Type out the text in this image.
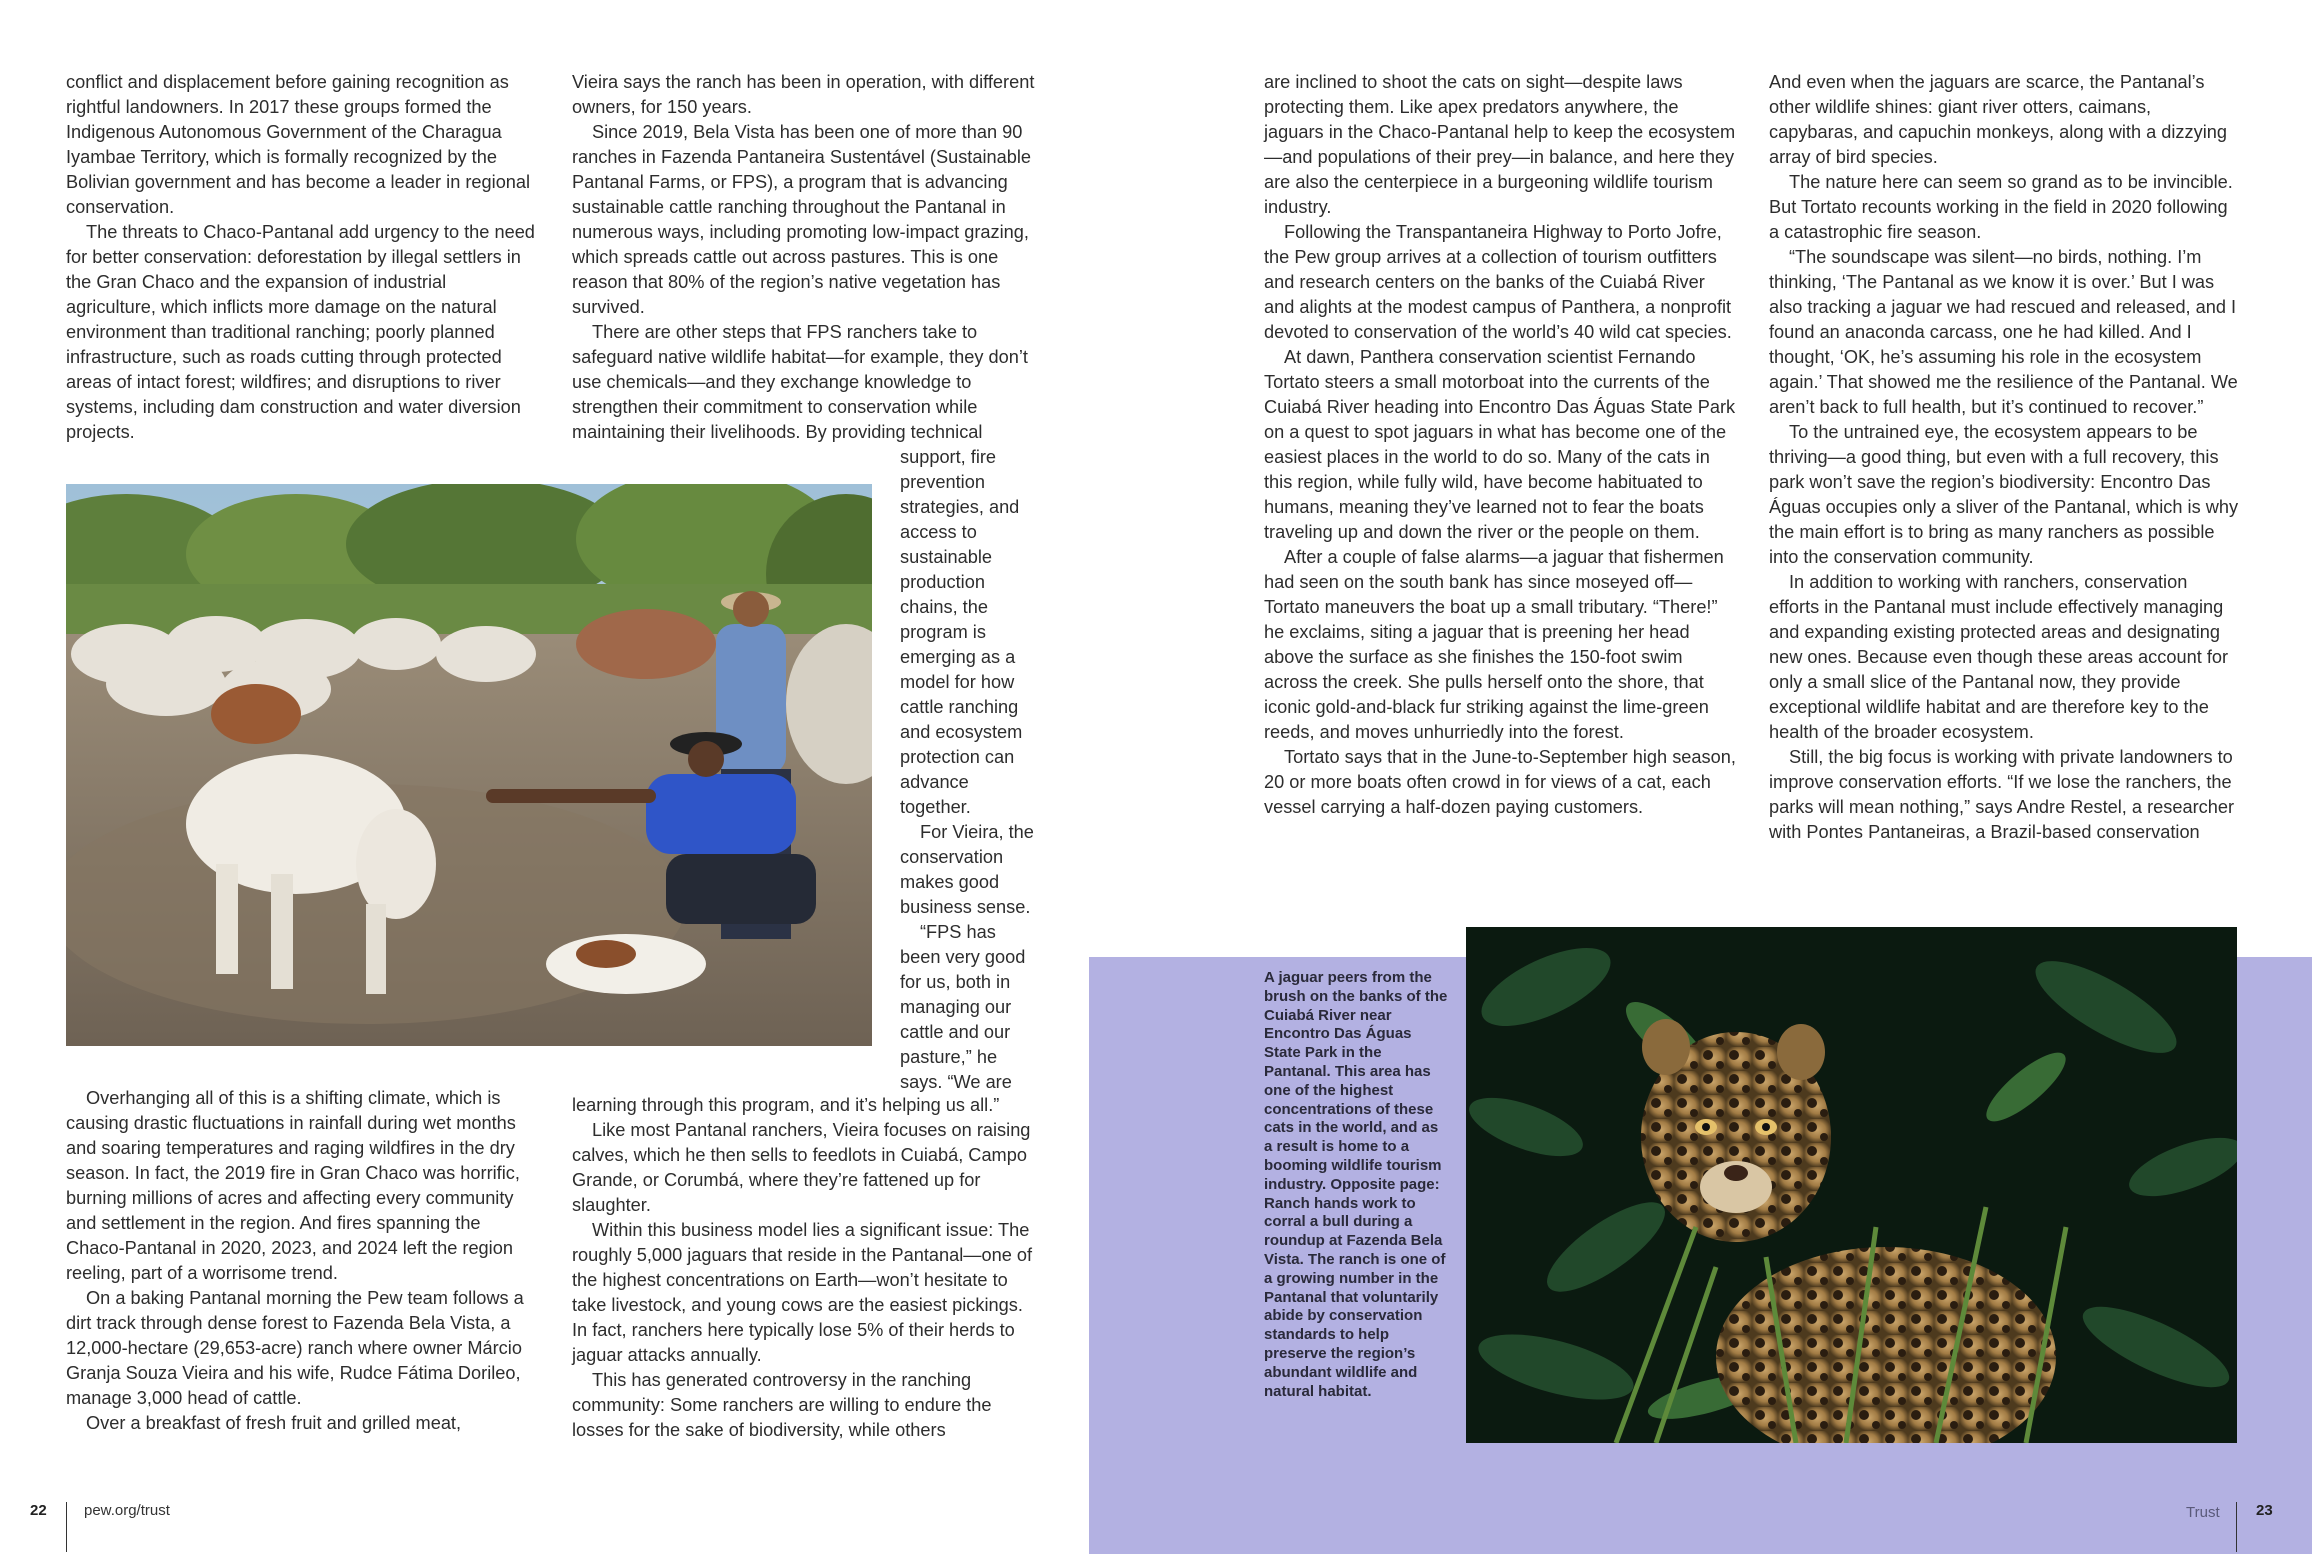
conflict and displacement before gaining recognition as rightful landowners. In 2017 these groups formed the Indigenous Autonomous Government of the Charagua Iyambae Territory, which is formally recognized by the Bolivian government and has become a leader in regional conservation.

The threats to Chaco-Pantanal add urgency to the need for better conservation: deforestation by illegal settlers in the Gran Chaco and the expansion of industrial agriculture, which inflicts more damage on the natural environment than traditional ranching; poorly planned infrastructure, such as roads cutting through protected areas of intact forest; wildfires; and disruptions to river systems, including dam construction and water diversion projects.

Overhanging all of this is a shifting climate, which is causing drastic fluctuations in rainfall during wet months and soaring temperatures and raging wildfires in the dry season. In fact, the 2019 fire in Gran Chaco was horrific, burning millions of acres and affecting every community and settlement in the region. And fires spanning the Chaco-Pantanal in 2020, 2023, and 2024 left the region reeling, part of a worrisome trend.

On a baking Pantanal morning the Pew team follows a dirt track through dense forest to Fazenda Bela Vista, a 12,000-hectare (29,653-acre) ranch where owner Márcio Granja Souza Vieira and his wife, Rudce Fátima Dorileo, manage 3,000 head of cattle.

Over a breakfast of fresh fruit and grilled meat,

Vieira says the ranch has been in operation, with different owners, for 150 years.

Since 2019, Bela Vista has been one of more than 90 ranches in Fazenda Pantaneira Sustentável (Sustainable Pantanal Farms, or FPS), a program that is advancing sustainable cattle ranching throughout the Pantanal in numerous ways, including promoting low-impact grazing, which spreads cattle out across pastures. This is one reason that 80% of the region’s native vegetation has survived.

There are other steps that FPS ranchers take to safeguard native wildlife habitat—for example, they don’t use chemicals—and they exchange knowledge to strengthen their commitment to conservation while maintaining their livelihoods. By providing technical

support, fire prevention strategies, and access to sustainable production chains, the program is emerging as a model for how cattle ranching and ecosystem protection can advance together.

For Vieira, the conservation makes good business sense.

“FPS has been very good for us, both in managing our cattle and our pasture,” he says. “We are

learning through this program, and it’s helping us all.”

Like most Pantanal ranchers, Vieira focuses on raising calves, which he then sells to feedlots in Cuiabá, Campo Grande, or Corumbá, where they’re fattened up for slaughter.

Within this business model lies a significant issue: The roughly 5,000 jaguars that reside in the Pantanal—one of the highest concentrations on Earth—won’t hesitate to take livestock, and young cows are the easiest pickings. In fact, ranchers here typically lose 5% of their herds to jaguar attacks annually.

This has generated controversy in the ranching community: Some ranchers are willing to endure the losses for the sake of biodiversity, while others

22 pew.org/trust

are inclined to shoot the cats on sight—despite laws protecting them. Like apex predators anywhere, the jaguars in the Chaco-Pantanal help to keep the ecosystem—and populations of their prey—in balance, and here they are also the centerpiece in a burgeoning wildlife tourism industry.

Following the Transpantaneira Highway to Porto Jofre, the Pew group arrives at a collection of tourism outfitters and research centers on the banks of the Cuiabá River and alights at the modest campus of Panthera, a nonprofit devoted to conservation of the world’s 40 wild cat species.

At dawn, Panthera conservation scientist Fernando Tortato steers a small motorboat into the currents of the Cuiabá River heading into Encontro Das Águas State Park on a quest to spot jaguars in what has become one of the easiest places in the world to do so. Many of the cats in this region, while fully wild, have become habituated to humans, meaning they’ve learned not to fear the boats traveling up and down the river or the people on them.

After a couple of false alarms—a jaguar that fishermen had seen on the south bank has since moseyed off—Tortato maneuvers the boat up a small tributary. “There!” he exclaims, siting a jaguar that is preening her head above the surface as she finishes the 150-foot swim across the creek. She pulls herself onto the shore, that iconic gold-and-black fur striking against the lime-green reeds, and moves unhurriedly into the forest.

Tortato says that in the June-to-September high season, 20 or more boats often crowd in for views of a cat, each vessel carrying a half-dozen paying customers.

And even when the jaguars are scarce, the Pantanal’s other wildlife shines: giant river otters, caimans, capybaras, and capuchin monkeys, along with a dizzying array of bird species.

The nature here can seem so grand as to be invincible. But Tortato recounts working in the field in 2020 following a catastrophic fire season.

“The soundscape was silent—no birds, nothing. I’m thinking, ‘The Pantanal as we know it is over.’ But I was also tracking a jaguar we had rescued and released, and I found an anaconda carcass, one he had killed. And I thought, ‘OK, he’s assuming his role in the ecosystem again.’ That showed me the resilience of the Pantanal. We aren’t back to full health, but it’s continued to recover.”

To the untrained eye, the ecosystem appears to be thriving—a good thing, but even with a full recovery, this park won’t save the region’s biodiversity: Encontro Das Águas occupies only a sliver of the Pantanal, which is why the main effort is to bring as many ranchers as possible into the conservation community.

In addition to working with ranchers, conservation efforts in the Pantanal must include effectively managing and expanding existing protected areas and designating new ones. Because even though these areas account for only a small slice of the Pantanal now, they provide exceptional wildlife habitat and are therefore key to the health of the broader ecosystem.

Still, the big focus is working with private landowners to improve conservation efforts. “If we lose the ranchers, the parks will mean nothing,” says Andre Restel, a researcher with Pontes Pantaneiras, a Brazil-based conservation

A jaguar peers from the brush on the banks of the Cuiabá River near Encontro Das Águas State Park in the Pantanal. This area has one of the highest concentrations of these cats in the world, and as a result is home to a booming wildlife tourism industry. Opposite page: Ranch hands work to corral a bull during a roundup at Fazenda Bela Vista. The ranch is one of a growing number in the Pantanal that voluntarily abide by conservation standards to help preserve the region’s abundant wildlife and natural habitat.
Trust 23
